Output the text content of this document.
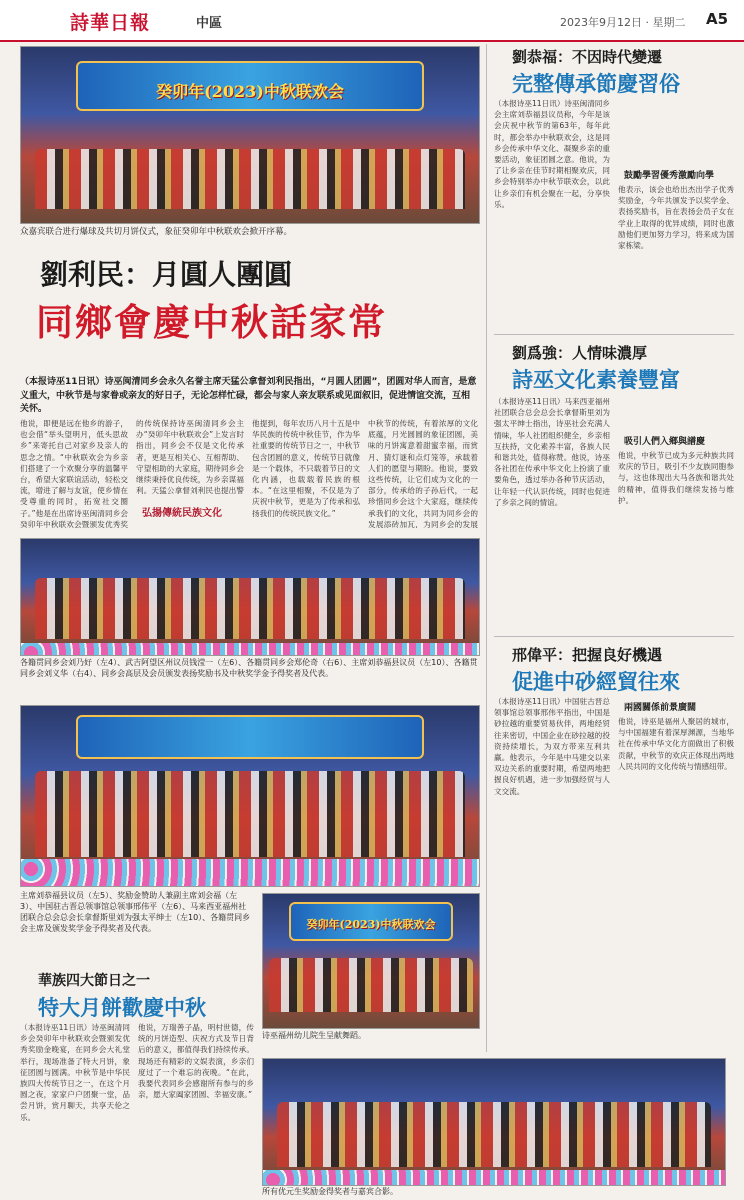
詩華日報	中區	2023年9月12日 · 星期二 A5
癸卯年(2023)中秋联欢会
众嘉宾联合进行爆球及共切月饼仪式，象征癸卯年中秋联欢会掀开序幕。
劉利民：月圓人團圓
同鄉會慶中秋話家常
（本报诗巫11日讯）诗巫闽清同乡会永久名誉主席天猛公拿督刘利民指出，“月圆人团圆”，团圆对华人而言，是意义重大，中秋节是与家眷或亲友的好日子，无论怎样忙碌，都会与家人亲友联系或见面叙旧，促进情谊交流，互相关怀。
他说，即便是远在他乡的游子，也会借“举头望明月，低头思故乡”来寄托自己对家乡及亲人的思念之情。“中秋联欢会为乡亲们搭建了一个欢聚分享的温馨平台，希望大家联谊活动，轻松交流，增进了解与友谊，使乡情在受尊重的同时，拓宽社交圈子。”他是在出席诗巫闽清同乡会癸卯年中秋联欢会暨颁发优秀奖
的传统保持诗巫闽清同乡会主办“癸卯年中秋联欢会”上发言时指出，同乡会不仅是文化传承者，更是互相关心、互相帮助、守望相助的大家庭，期待同乡会继续秉持优良传统，为乡亲谋福利。天猛公拿督刘利民也提出警
弘揚傳統民族文化
他提到，每年农历八月十五是中华民族的传统中秋佳节，作为华社重要的传统节日之一，中秋节包含团圆的意义，传统节日就像是一个载体，不只载着节日的文化内涵，也载载着民族的根本。“在这里相聚，不仅是为了庆祝中秋节，更是为了传承和弘扬我们的传统民族文化。”
中秋节的传统，有着浓厚的文化底蕴，月光圆圆的象征团圆，美味的月饼寓意着甜蜜幸福，而赏月、猜灯谜和点灯笼等，承载着人们的愿望与期盼。他说，要致这些传统，让它们成为文化的一部分，传承给的子孙后代，一起珍惜同乡会这个大家庭，继续传承我们的文化，共同为同乡会的发展添砖加瓦，为同乡会的发展
各籍贯同乡会刘乃好（左4）、武吉阿望区州议员钱滢一（左6）、各籍贯同乡会郑伦奇（右6）、主席刘恭福县议员（左10）、各籍贯同乡会刘义华（右4）、同乡会高层及会员颁发表扬奖励书及中秋奖学金予得奖者及代表。
主席刘恭福县议员（左5）、奖励金赞助人兼副主席刘会福（左3）、中国驻古晋总领事馆总领事邢伟平（左6）、马来西亚福州社团联合总会总会长拿督斯里刘为强太平绅士（左10）、各籍贯同乡会主席及颁发奖学金予得奖者及代表。
華族四大節日之一
特大月餅歡慶中秋
（本报诗巫11日讯）诗巫闽清同乡会癸卯年中秋联欢会暨颁发优秀奖励金晚宴，在同乡会大礼堂举行，现场准备了特大月饼，象征团圆与圆满。中秋节是中华民族四大传统节日之一，在这个月圆之夜，家家户户团聚一堂，品尝月饼，赏月聊天，共享天伦之乐。
他说，万瑞善子晶，明村世德，传统的月饼造型、庆祝方式及节日背后的意义，都值得我们持续传承。现场还有精彩的文娱表演，乡亲们度过了一个难忘的夜晚。“在此，我要代表同乡会感谢所有参与的乡亲，愿大家阖家团圆、幸福安康。”
癸卯年(2023)中秋联欢会
诗巫福州幼儿院生呈献舞蹈。
所有优元生奖励金得奖者与嘉宾合影。
劉恭福：不因時代變遷
完整傳承節慶習俗
（本报诗巫11日讯）诗巫闽清同乡会主席刘恭福县议员称，今年是该会庆祝中秋节的第63年，每年此时，都会举办中秋联欢会，这是同乡会传承中华文化、凝聚乡亲的重要活动，象征团圆之意。他说，为了让乡亲在佳节时期相聚欢庆，同乡会特别举办中秋节联欢会，以此让乡亲们有机会聚在一起，分享快乐。
鼓勵學習優秀激勵向學
他表示，该会也给出杰出学子优秀奖励金，今年共颁发予以奖学金、表扬奖励书，旨在表扬会员子女在学业上取得的优异成绩，同时也激励他们更加努力学习，将来成为国家栋梁。
劉爲強：人情味濃厚
詩巫文化素養豐富
（本报诗巫11日讯）马来西亚福州社团联合总会总会长拿督斯里刘为强太平绅士指出，诗巫社会充满人情味，华人社团组织健全，乡亲相互扶持，文化素养丰富，各族人民和谐共处，值得称赞。他说，诗巫各社团在传承中华文化上扮演了重要角色，透过举办各种节庆活动，让年轻一代认识传统，同时也促进了乡亲之间的情谊。
吸引人們入鄉與譜慶
他说，中秋节已成为多元种族共同欢庆的节日，吸引不少友族同胞参与，这也体现出大马各族和谐共处的精神，值得我们继续发扬与维护。
邢偉平：把握良好機遇
促進中砂經貿往來
（本报诗巫11日讯）中国驻古晋总领事馆总领事邢伟平指出，中国是砂拉越的重要贸易伙伴，两地经贸往来密切，中国企业在砂拉越的投资持续增长，为双方带来互利共赢。他表示，今年是中马建交以来双边关系的重要时期，希望两地把握良好机遇，进一步加强经贸与人文交流。
兩國關係前景廣闊
他说，诗巫是福州人聚居的城市，与中国福建有着深厚渊源，当地华社在传承中华文化方面做出了积极贡献，中秋节的欢庆正体现出两地人民共同的文化传统与情感纽带。
